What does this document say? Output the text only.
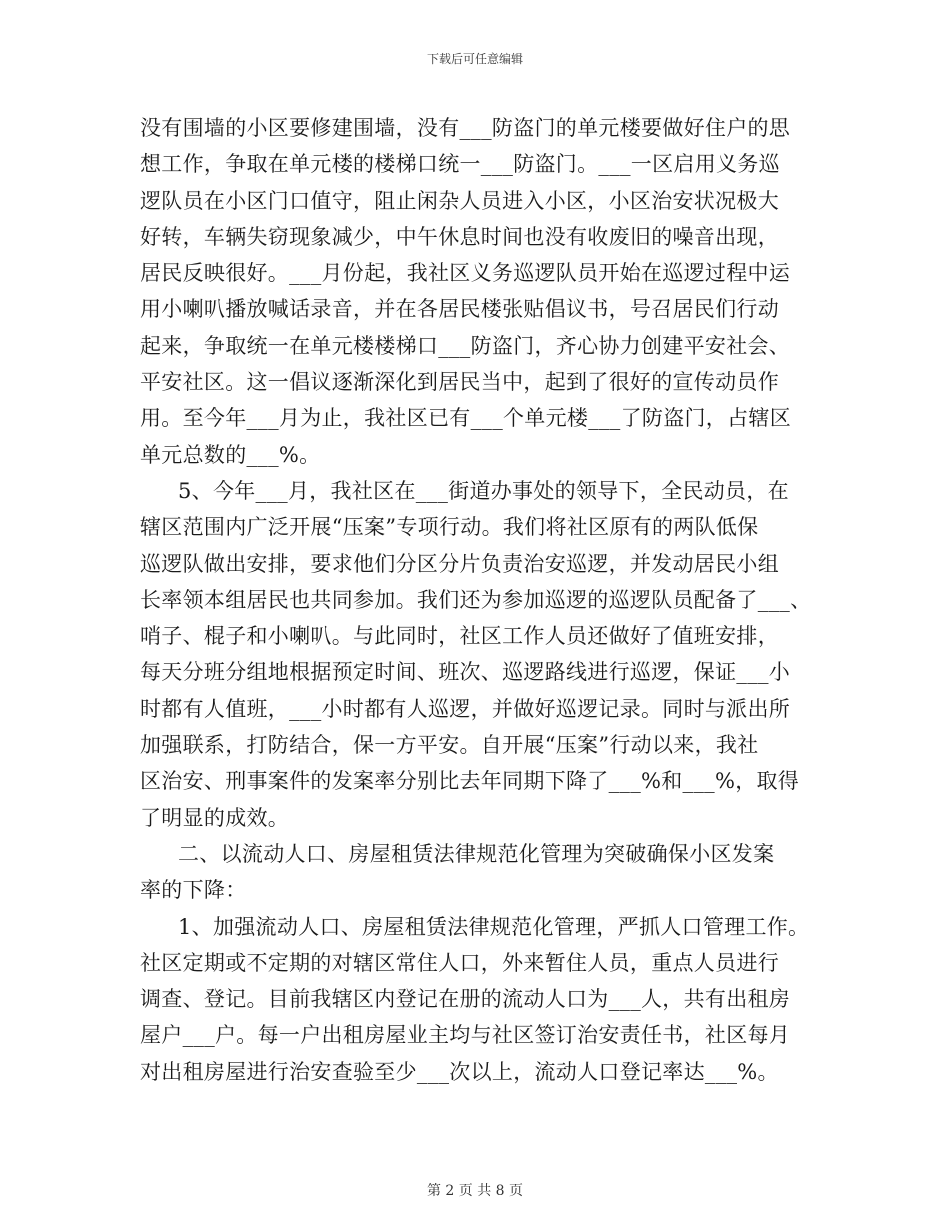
下载后可任意编辑
没有围墙的小区要修建围墙，没有___防盗门的单元楼要做好住户的思
想工作，争取在单元楼的楼梯口统一___防盗门。___一区启用义务巡
逻队员在小区门口值守，阻止闲杂人员进入小区，小区治安状况极大
好转，车辆失窃现象减少，中午休息时间也没有收废旧的噪音出现，
居民反映很好。___月份起，我社区义务巡逻队员开始在巡逻过程中运
用小喇叭播放喊话录音，并在各居民楼张贴倡议书，号召居民们行动
起来，争取统一在单元楼楼梯口___防盗门，齐心协力创建平安社会、
平安社区。这一倡议逐渐深化到居民当中，起到了很好的宣传动员作
用。至今年___月为止，我社区已有___个单元楼___了防盗门，占辖区
单元总数的___%。
5、今年___月，我社区在___街道办事处的领导下，全民动员，在
辖区范围内广泛开展“压案”专项行动。我们将社区原有的两队低保
巡逻队做出安排，要求他们分区分片负责治安巡逻，并发动居民小组
长率领本组居民也共同参加。我们还为参加巡逻的巡逻队员配备了___、
哨子、棍子和小喇叭。与此同时，社区工作人员还做好了值班安排，
每天分班分组地根据预定时间、班次、巡逻路线进行巡逻，保证___小
时都有人值班，___小时都有人巡逻，并做好巡逻记录。同时与派出所
加强联系，打防结合，保一方平安。自开展“压案”行动以来，我社
区治安、刑事案件的发案率分别比去年同期下降了___%和___%，取得
了明显的成效。
二、以流动人口、房屋租赁法律规范化管理为突破确保小区发案
率的下降：
1、加强流动人口、房屋租赁法律规范化管理，严抓人口管理工作。
社区定期或不定期的对辖区常住人口，外来暂住人员，重点人员进行
调查、登记。目前我辖区内登记在册的流动人口为___人，共有出租房
屋户___户。每一户出租房屋业主均与社区签订治安责任书，社区每月
对出租房屋进行治安查验至少___次以上，流动人口登记率达___%。
第 2 页 共 8 页
